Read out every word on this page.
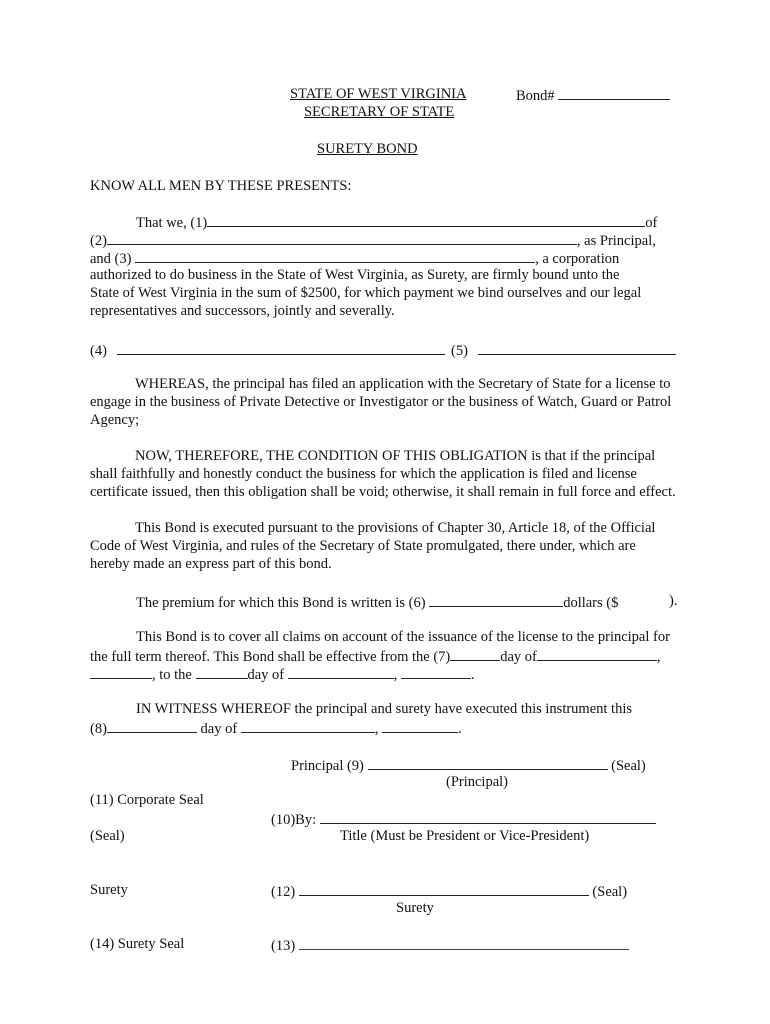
STATE OF WEST VIRGINIA	Bond#
SECRETARY OF STATE
SURETY BOND
KNOW ALL MEN BY THESE PRESENTS:
That we, (1)	of
(2)	, as Principal,
and (3)	, a corporation

authorized to do business in the State of West Virginia, as Surety, are firmly bound unto the

State of West Virginia in the sum of $2500, for which payment we bind ourselves and our legal

representatives and successors, jointly and severally.

(4)	(5)

WHEREAS, the principal has filed an application with the Secretary of State for a license to

engage in the business of Private Detective or Investigator or the business of Watch, Guard or Patrol

Agency;

NOW, THEREFORE, THE CONDITION OF THIS OBLIGATION is that if the principal

shall faithfully and honestly conduct the business for which the application is filed and license

certificate issued, then this obligation shall be void; otherwise, it shall remain in full force and effect.

This Bond is executed pursuant to the provisions of Chapter 30, Article 18, of the Official

Code of West Virginia, and rules of the Secretary of State promulgated, there under, which are

hereby made an express part of this bond.

The premium for which this Bond is written is (6)	dollars ($	).
This Bond is to cover all claims on account of the issuance of the license to the principal for
the full term thereof. This Bond shall be effective from the (7)	day of	,
, to the	day of	,	.
IN WITNESS WHEREOF the principal and surety have executed this instrument this
(8)	day of	,	.
Principal (9)	(Seal)
(Principal)
(11) Corporate Seal
(10)By:
(Seal)	Title (Must be President or Vice-President)
Surety	(12)	(Seal)
Surety
(14) Surety Seal	(13)
